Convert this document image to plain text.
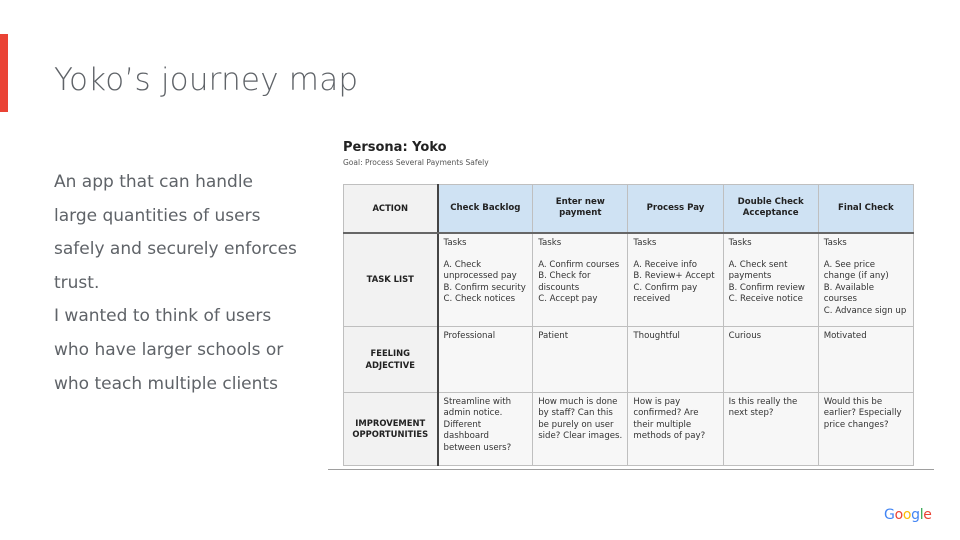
Yoko’s journey map

An app that can handle

large quantities of users

safely and securely enforces

trust.

I wanted to think of users

who have larger schools or

who teach multiple clients

Persona: Yoko
Goal: Process Several Payments Safely
ACTION	Check Backlog	Enter new payment	Process Pay	Double Check Acceptance	Final Check
TASK LIST	Tasks
A. Check unprocessed pay
B. Confirm security
C. Check notices	Tasks
A. Confirm courses
B. Check for discounts
C. Accept pay	Tasks
A. Receive info
B. Review+ Accept
C. Confirm pay received	Tasks
A. Check sent payments
B. Confirm review
C. Receive notice	Tasks
A. See price change (if any)
B. Available courses
C. Advance sign up

FEELING ADJECTIVE	Professional	Patient	Thoughtful	Curious	Motivated
IMPROVEMENT OPPORTUNITIES	Streamline with admin notice. Different dashboard between users?	How much is done by staff? Can this be purely on user side? Clear images.	How is pay confirmed? Are their multiple methods of pay?	Is this really the next step?	Would this be earlier? Especially price changes?
Google
